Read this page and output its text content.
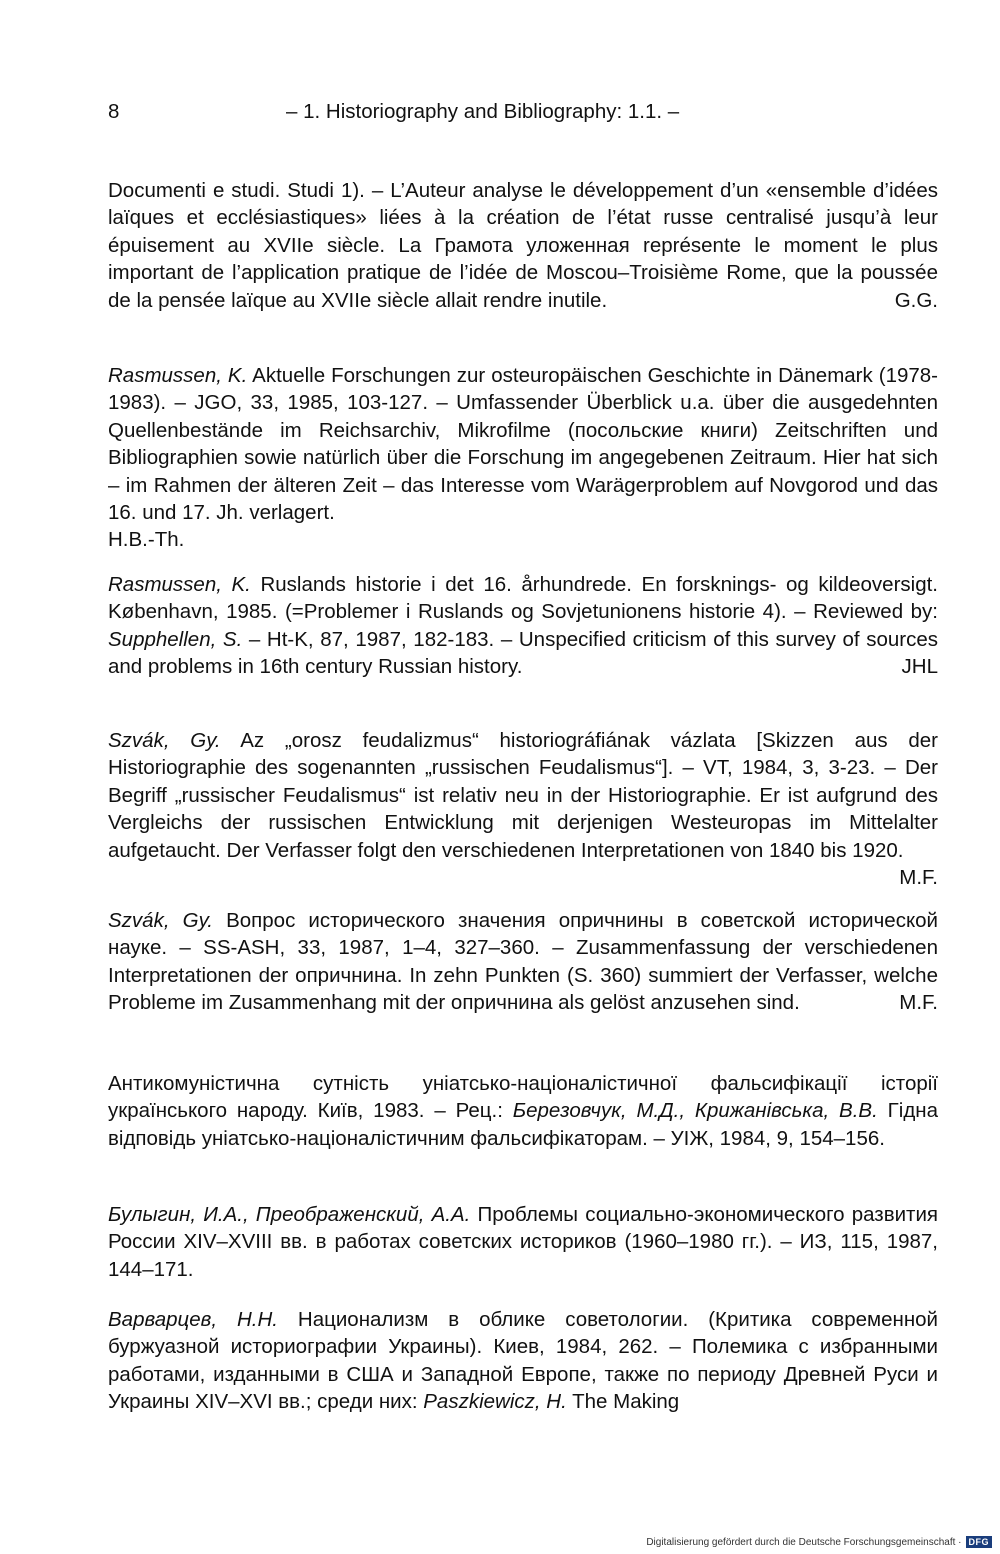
8	– 1. Historiography and Bibliography: 1.1. –

Documenti e studi. Studi 1). – L’Auteur analyse le développement d’un «ensemble d’idées laïques et ecclésiastiques» liées à la création de l’état russe centralisé jusqu’à leur épuisement au XVIIe siècle. La Грамота уложенная représente le moment le plus important de l’application pratique de l’idée de Moscou–Troisième Rome, que la poussée de la pensée laïque au XVIIe siècle allait rendre inutile.	G.G.

Rasmussen, K. Aktuelle Forschungen zur osteuropäischen Geschichte in Dänemark (1978-1983). – JGO, 33, 1985, 103-127. – Umfassender Überblick u.a. über die ausgedehnten Quellenbestände im Reichsarchiv, Mikrofilme (посольские книги) Zeitschriften und Bibliographien sowie natürlich über die Forschung im angegebenen Zeitraum. Hier hat sich – im Rahmen der älteren Zeit – das Interesse vom Warägerproblem auf Novgorod und das 16. und 17. Jh. verlagert.
H.B.-Th.

Rasmussen, K. Ruslands historie i det 16. århundrede. En forsknings- og kildeoversigt. København, 1985. (=Problemer i Ruslands og Sovjetunionens historie 4). – Reviewed by: Supphellen, S. – Ht-K, 87, 1987, 182-183. – Unspecified criticism of this survey of sources and problems in 16th century Russian history.	JHL

Szvák, Gy. Az „orosz feudalizmus“ historiográfiának vázlata [Skizzen aus der Historiographie des sogenannten „russischen Feudalismus“]. – VT, 1984, 3, 3-23. – Der Begriff „russischer Feudalismus“ ist relativ neu in der Historiographie. Er ist aufgrund des Vergleichs der russischen Entwicklung mit derjenigen Westeuropas im Mittelalter aufgetaucht. Der Verfasser folgt den verschiedenen Interpretationen von 1840 bis 1920.
M.F.

Szvák, Gy. Вопрос исторического значения опричнины в советской исторической науке. – SS-ASH, 33, 1987, 1–4, 327–360. – Zusammenfassung der verschiedenen Interpretationen der опричнина. In zehn Punkten (S. 360) summiert der Verfasser, welche Probleme im Zusammenhang mit der опричнина als gelöst anzusehen sind.	M.F.

Антикомуністична сутність уніатсько-націоналістичної фальсифікації історії українського народу. Київ, 1983. – Рец.: Березовчук, М.Д., Крижанівська, В.В. Гідна відповідь уніатсько-націоналістичним фальсифікаторам. – УІЖ, 1984, 9, 154–156.

Булыгин, И.А., Преображенский, А.А. Проблемы социально-экономического развития России XIV–XVIII вв. в работах советских историков (1960–1980 гг.). – ИЗ, 115, 1987, 144–171.

Варварцев, Н.Н. Национализм в облике советологии. (Критика современной буржуазной историографии Украины). Киев, 1984, 262. – Полемика с избранными работами, изданными в США и Западной Европе, также по периоду Древней Руси и Украины XIV–XVI вв.; среди них: Paszkiewicz, H. The Making

Digitalisierung gefördert durch die Deutsche Forschungsgemeinschaft · DFG
